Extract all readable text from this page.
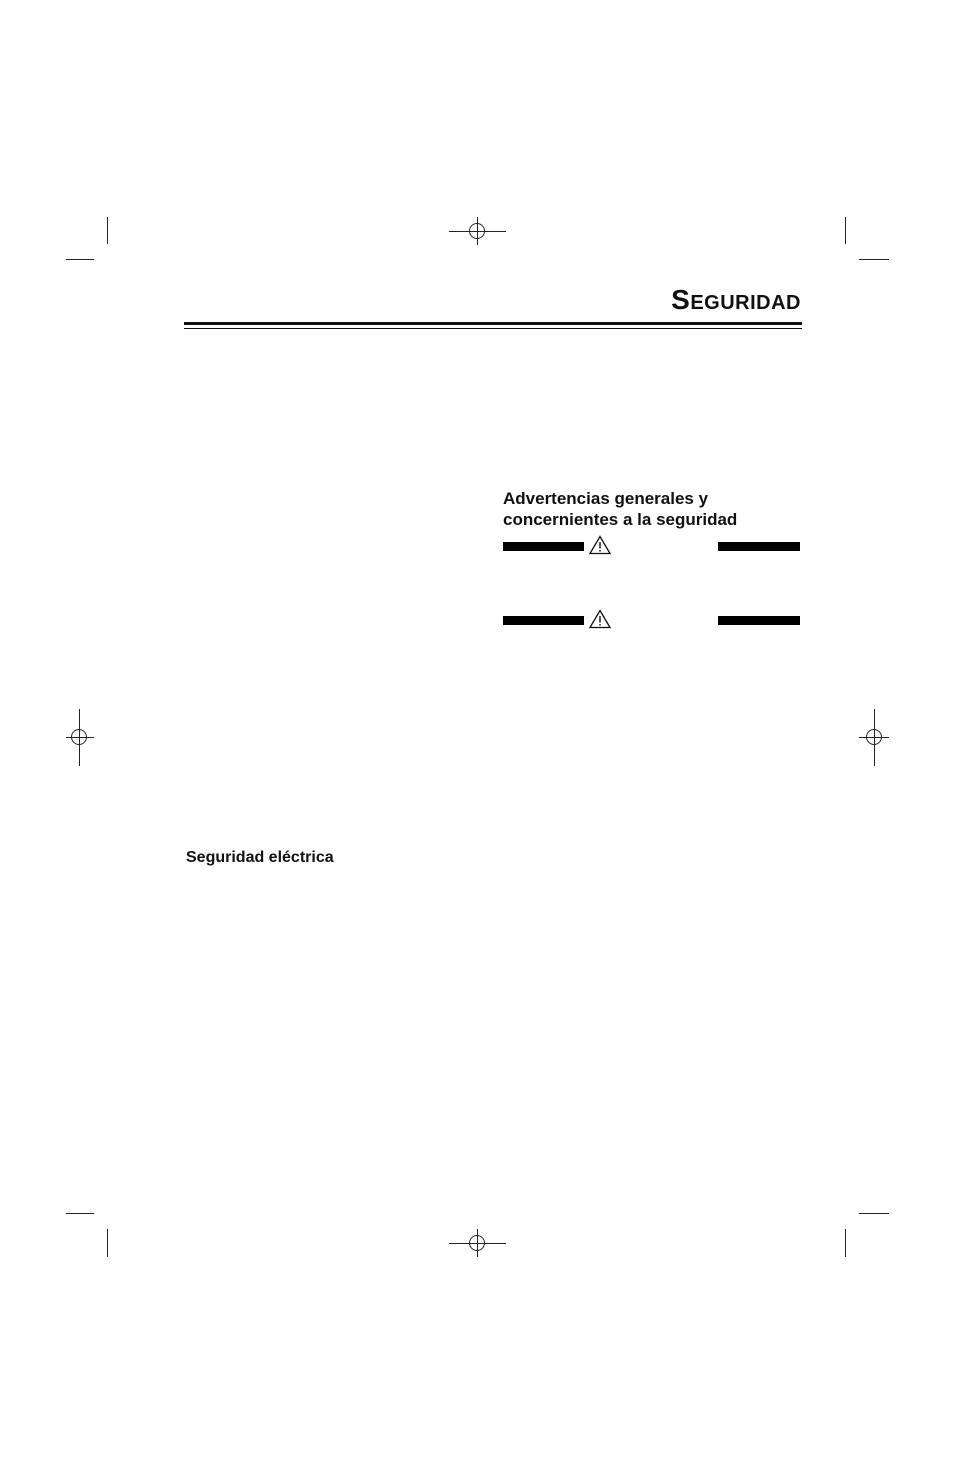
Seguridad
Advertencias generales y
concernientes a la seguridad
Seguridad eléctrica
